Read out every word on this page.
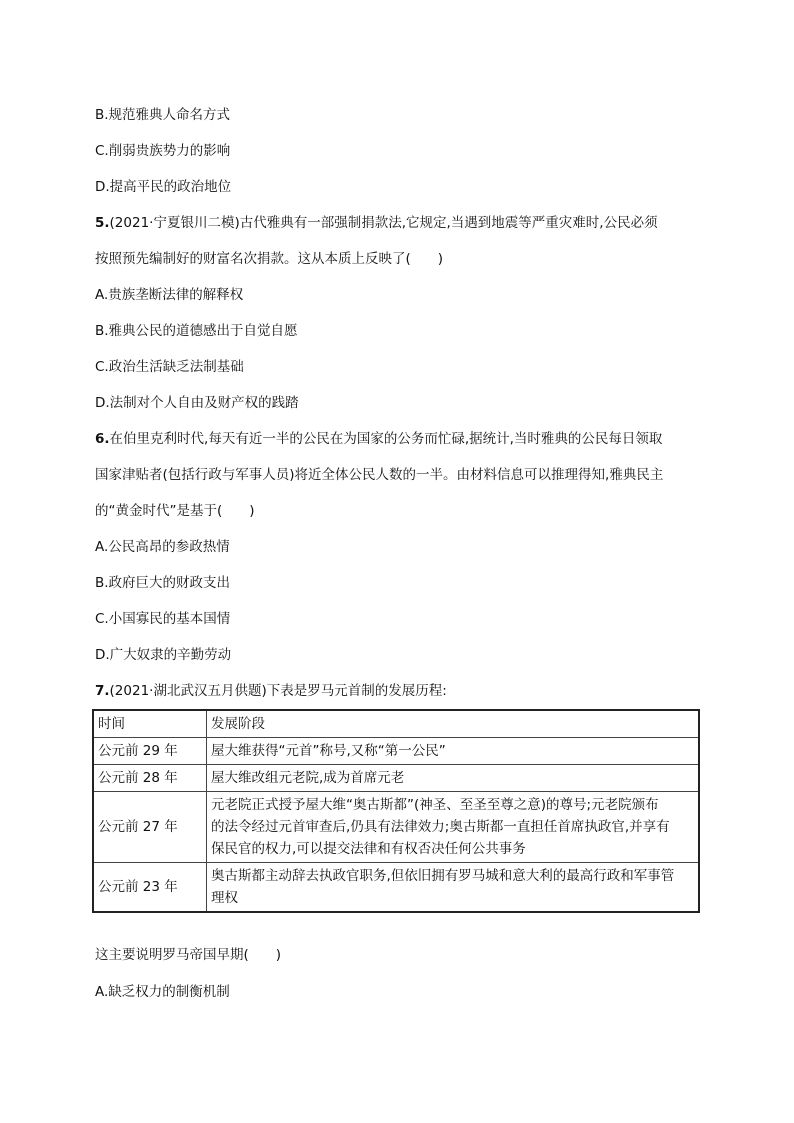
B.规范雅典人命名方式
C.削弱贵族势力的影响
D.提高平民的政治地位
5.(2021·宁夏银川二模)古代雅典有一部强制捐款法,它规定,当遇到地震等严重灾难时,公民必须
按照预先编制好的财富名次捐款。这从本质上反映了(　　)
A.贵族垄断法律的解释权
B.雅典公民的道德感出于自觉自愿
C.政治生活缺乏法制基础
D.法制对个人自由及财产权的践踏
6.在伯里克利时代,每天有近一半的公民在为国家的公务而忙碌,据统计,当时雅典的公民每日领取
国家津贴者(包括行政与军事人员)将近全体公民人数的一半。由材料信息可以推理得知,雅典民主
的“黄金时代”是基于(　　)
A.公民高昂的参政热情
B.政府巨大的财政支出
C.小国寡民的基本国情
D.广大奴隶的辛勤劳动
7.(2021·湖北武汉五月供题)下表是罗马元首制的发展历程:
时间	发展阶段
公元前 29 年	屋大维获得“元首”称号,又称“第一公民”

公元前 28 年	屋大维改组元老院,成为首席元老

公元前 27 年	元老院正式授予屋大维“奥古斯都”(神圣、至圣至尊之意)的尊号;元老院颁布
的法令经过元首审查后,仍具有法律效力;奥古斯都一直担任首席执政官,并享有
保民官的权力,可以提交法律和有权否决任何公共事务

公元前 23 年	奥古斯都主动辞去执政官职务,但依旧拥有罗马城和意大利的最高行政和军事管
理权
这主要说明罗马帝国早期(　　)
A.缺乏权力的制衡机制
